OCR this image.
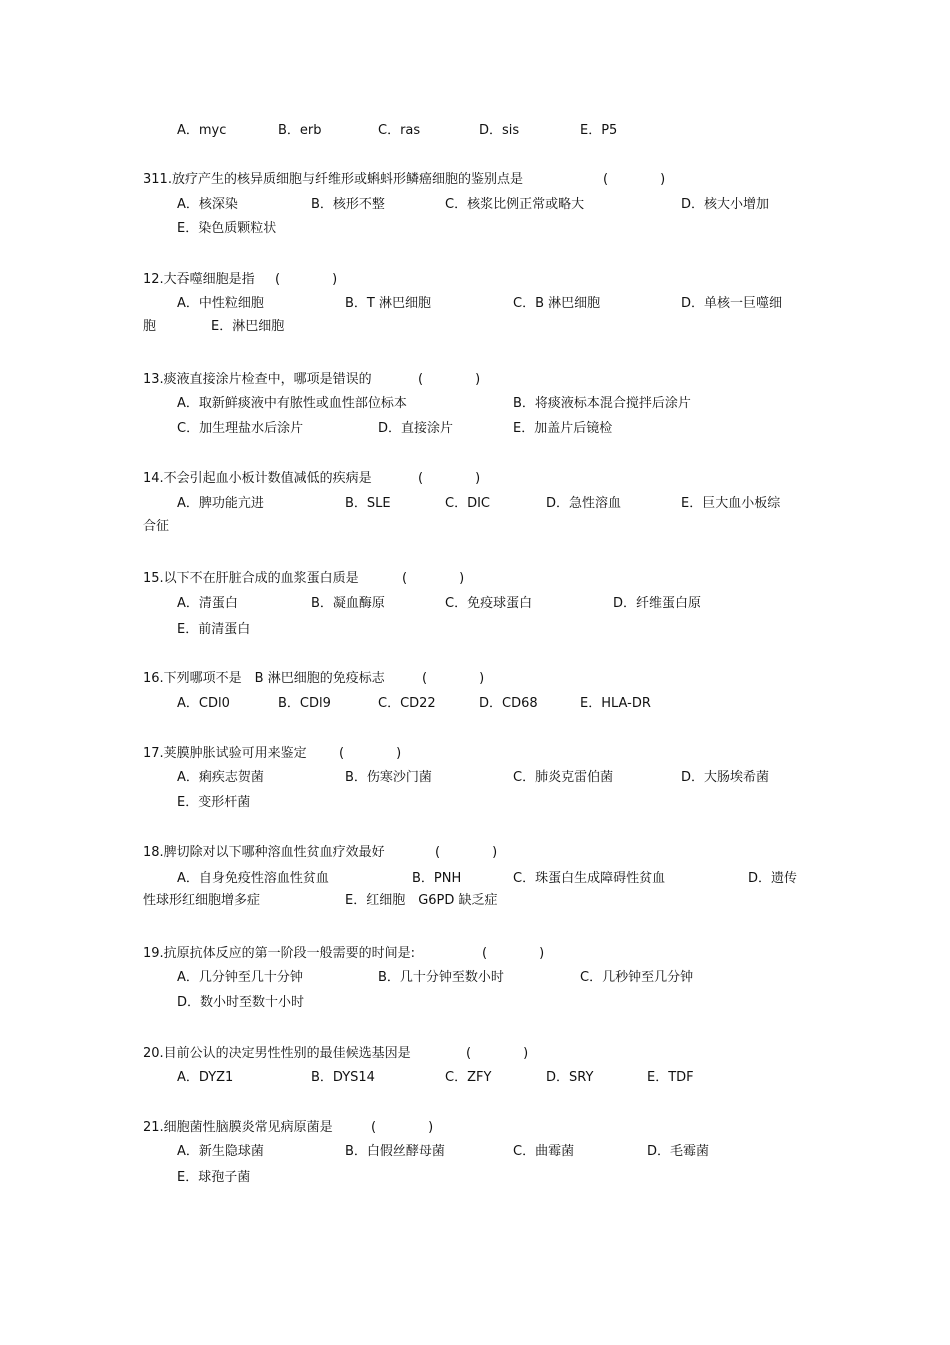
A．myc	B．erb	C．ras	D．sis	E．P5
311.放疗产生的核异质细胞与纤维形或蝌蚪形鳞癌细胞的鉴别点是	(　　　　)
A．核深染	B．核形不整	C．核浆比例正常或略大	D．核大小增加
E．染色质颗粒状
12.大吞噬细胞是指 (　　　　)
A．中性粒细胞	B．T 淋巴细胞	C．B 淋巴细胞	D．单核一巨噬细
胞	E．淋巴细胞
13.痰液直接涂片检查中，哪项是错误的	(　　　　)
A．取新鲜痰液中有脓性或血性部位标本	B．将痰液标本混合搅拌后涂片
C．加生理盐水后涂片	D．直接涂片	E．加盖片后镜检
14.不会引起血小板计数值减低的疾病是	(　　　　)
A．脾功能亢进	B．SLE	C．DIC	D．急性溶血	E．巨大血小板综
合征
15.以下不在肝脏合成的血浆蛋白质是	(　　　　)
A．清蛋白	B．凝血酶原	C．免疫球蛋白	D．纤维蛋白原
E．前清蛋白
16.下列哪项不是　B 淋巴细胞的免疫标志	(　　　　)
A．CDl0	B．CDl9	C．CD22	D．CD68	E．HLA-DR
17.荚膜肿胀试验可用来鉴定 (　　　　)
A．痢疾志贺菌	B．伤寒沙门菌	C．肺炎克雷伯菌	D．大肠埃希菌
E．变形杆菌
18.脾切除对以下哪种溶血性贫血疗效最好	(　　　　)
A．自身免疫性溶血性贫血	B．PNH	C．珠蛋白生成障碍性贫血	D．遗传
性球形红细胞增多症	E．红细胞　G6PD 缺乏症
19.抗原抗体反应的第一阶段一般需要的时间是:	(　　　　)
A．几分钟至几十分钟	B．几十分钟至数小时	C．几秒钟至几分钟
D．数小时至数十小时
20.目前公认的决定男性性别的最佳候选基因是	(　　　　)
A．DYZ1	B．DYS14	C．ZFY	D．SRY	E．TDF
21.细胞菌性脑膜炎常见病原菌是	(　　　　)
A．新生隐球菌	B．白假丝酵母菌	C．曲霉菌	D．毛霉菌
E．球孢子菌
